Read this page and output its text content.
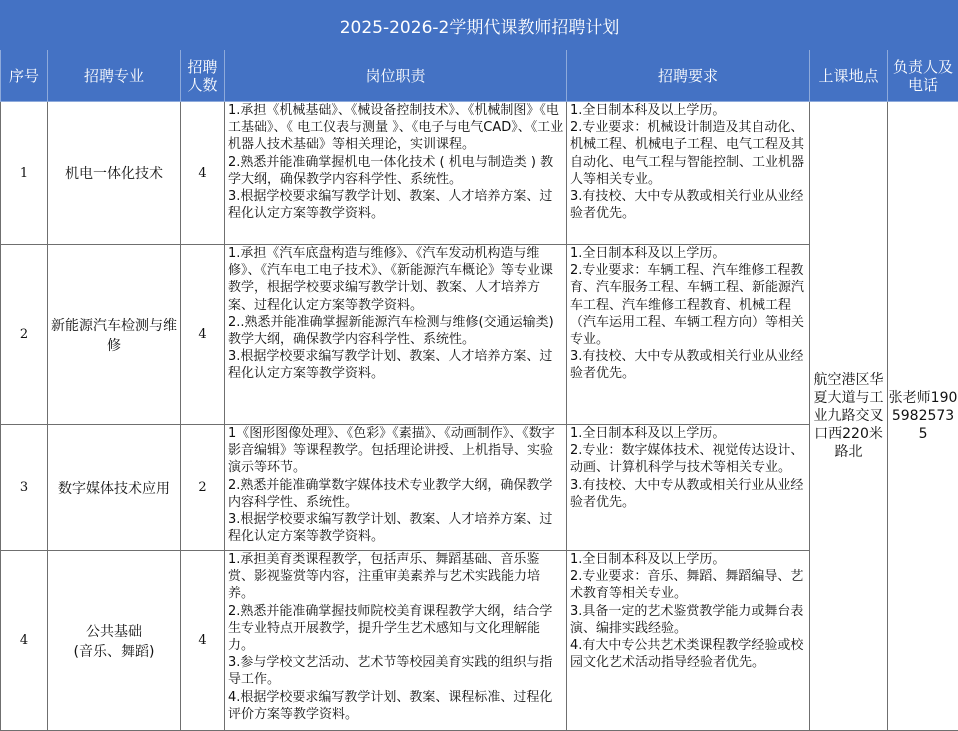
2025-2026-2学期代课教师招聘计划						
序号	招聘专业	招聘
人数	岗位职责	招聘要求	上课地点	负责人及
电话
1	机电一体化技术	4	1.承担《机械基础》、《械设备控制技术》、《机械制图》《电工基础》、《 电工仪表与测量 》、《电子与电气CAD》、《工业机器人技术基础》等相关理论，实训课程。
2.熟悉并能准确掌握机电一体化技术 ( 机电与制造类 ) 教学大纲，确保教学内容科学性、系统性。
3.根据学校要求编写教学计划、教案、人才培养方案、过程化认定方案等教学资料。	1.全日制本科及以上学历。
2.专业要求：机械设计制造及其自动化、机械工程、机械电子工程、电气工程及其自动化、电气工程与智能控制、工业机器人等相关专业。
3.有技校、大中专从教或相关行业从业经验者优先。	航空港区华夏大道与工业九路交叉口西220米路北	张老师19059825735
2	新能源汽车检测与维修	4	1.承担《汽车底盘构造与维修》、《汽车发动机构造与维修》、《汽车电工电子技术》、《新能源汽车概论》等专业课教学，根据学校要求编写教学计划、教案、人才培养方案、过程化认定方案等教学资料。
2..熟悉并能准确掌握新能源汽车检测与维修(交通运输类)教学大纲，确保教学内容科学性、系统性。
3.根据学校要求编写教学计划、教案、人才培养方案、过程化认定方案等教学资料。	1.全日制本科及以上学历。
2.专业要求：车辆工程、汽车维修工程教育、汽车服务工程、车辆工程、新能源汽车工程、汽车维修工程教育、机械工程（汽车运用工程、车辆工程方向）等相关专业。
3.有技校、大中专从教或相关行业从业经验者优先。		
3	数字媒体技术应用	2	1《图形图像处理》、《色彩》《素描》、《动画制作》、《数字影音编辑》等课程教学。包括理论讲授、上机指导、实验演示等环节。
2.熟悉并能准确掌数字媒体技术专业教学大纲，确保教学内容科学性、系统性。
3.根据学校要求编写教学计划、教案、人才培养方案、过程化认定方案等教学资料。	1.全日制本科及以上学历。
2.专业：数字媒体技术、视觉传达设计、动画、计算机科学与技术等相关专业。
3.有技校、大中专从教或相关行业从业经验者优先。		
4	公共基础
(音乐、舞蹈)	4	1.承担美育类课程教学，包括声乐、舞蹈基础、音乐鉴赏、影视鉴赏等内容，注重审美素养与艺术实践能力培养。
2.熟悉并能准确掌握技师院校美育课程教学大纲，结合学生专业特点开展教学，提升学生艺术感知与文化理解能力。
3.参与学校文艺活动、艺术节等校园美育实践的组织与指导工作。
4.根据学校要求编写教学计划、教案、课程标准、过程化评价方案等教学资料。	1.全日制本科及以上学历。
2.专业要求：音乐、舞蹈、舞蹈编导、艺术教育等相关专业。
3.具备一定的艺术鉴赏教学能力或舞台表演、编排实践经验。
4.有大中专公共艺术类课程教学经验或校园文化艺术活动指导经验者优先。		
